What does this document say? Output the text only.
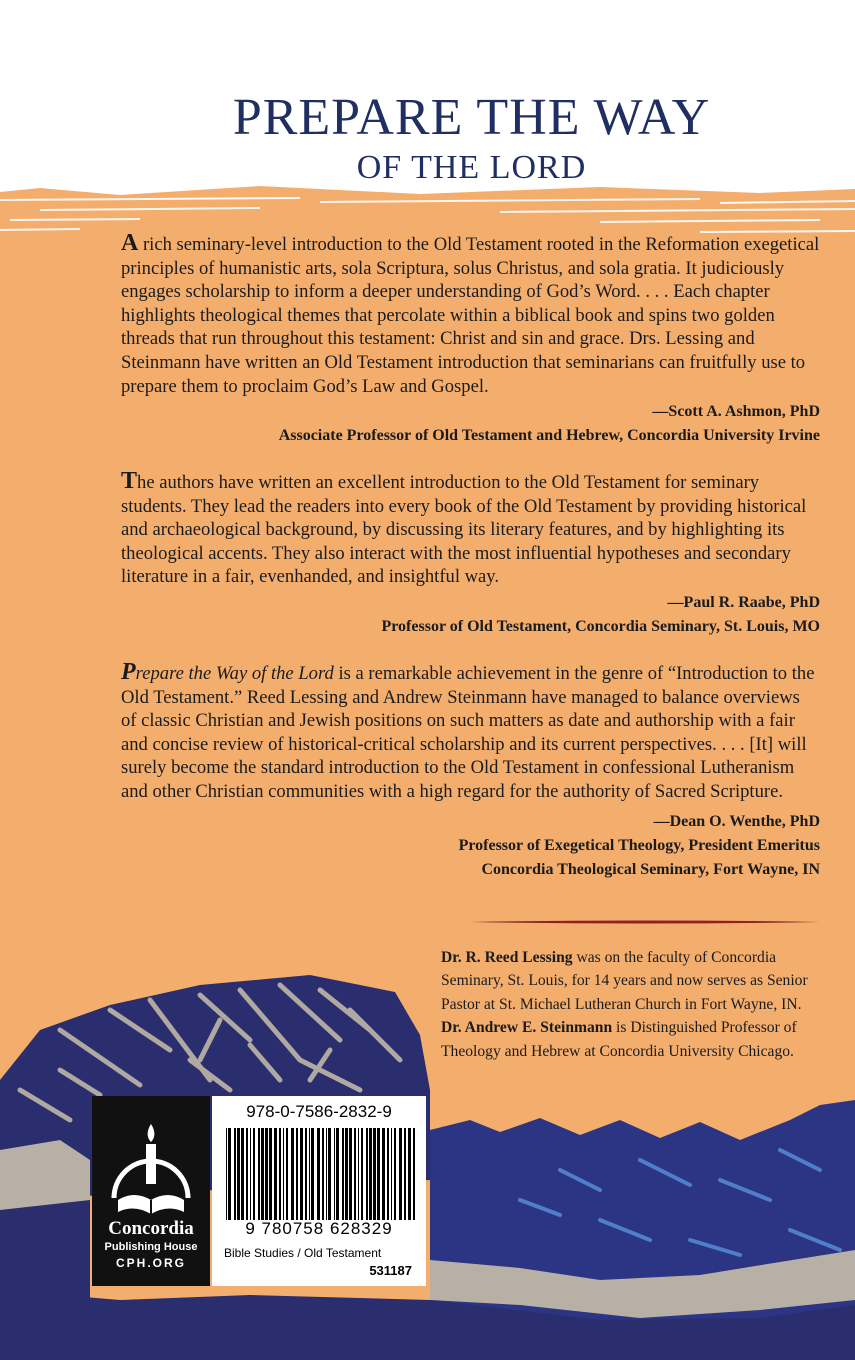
PREPARE THE WAY
OF THE LORD
A rich seminary-level introduction to the Old Testament rooted in the Reformation exegetical principles of humanistic arts, sola Scriptura, solus Christus, and sola gratia. It judiciously engages scholarship to inform a deeper understanding of God’s Word. . . . Each chapter highlights theological themes that percolate within a biblical book and spins two golden threads that run throughout this testament: Christ and sin and grace. Drs. Lessing and Steinmann have written an Old Testament introduction that seminarians can fruitfully use to prepare them to proclaim God’s Law and Gospel.
—Scott A. Ashmon, PhD
Associate Professor of Old Testament and Hebrew, Concordia University Irvine
The authors have written an excellent introduction to the Old Testament for seminary students. They lead the readers into every book of the Old Testament by providing historical and archaeological background, by discussing its literary features, and by highlighting its theological accents. They also interact with the most influential hypotheses and secondary literature in a fair, evenhanded, and insightful way.
—Paul R. Raabe, PhD
Professor of Old Testament, Concordia Seminary, St. Louis, MO
Prepare the Way of the Lord is a remarkable achievement in the genre of “Introduction to the Old Testament.” Reed Lessing and Andrew Steinmann have managed to balance overviews of classic Christian and Jewish positions on such matters as date and authorship with a fair and concise review of historical-critical scholarship and its current perspectives. . . . [It] will surely become the standard introduction to the Old Testament in confessional Lutheranism and other Christian communities with a high regard for the authority of Sacred Scripture.
—Dean O. Wenthe, PhD
Professor of Exegetical Theology, President Emeritus
Concordia Theological Seminary, Fort Wayne, IN
Dr. R. Reed Lessing was on the faculty of Concordia Seminary, St. Louis, for 14 years and now serves as Senior Pastor at St. Michael Lutheran Church in Fort Wayne, IN. Dr. Andrew E. Steinmann is Distinguished Professor of Theology and Hebrew at Concordia University Chicago.
Concordia
Publishing House
CPH.ORG
978-0-7586-2832-9
9 780758 628329
Bible Studies / Old Testament
531187
